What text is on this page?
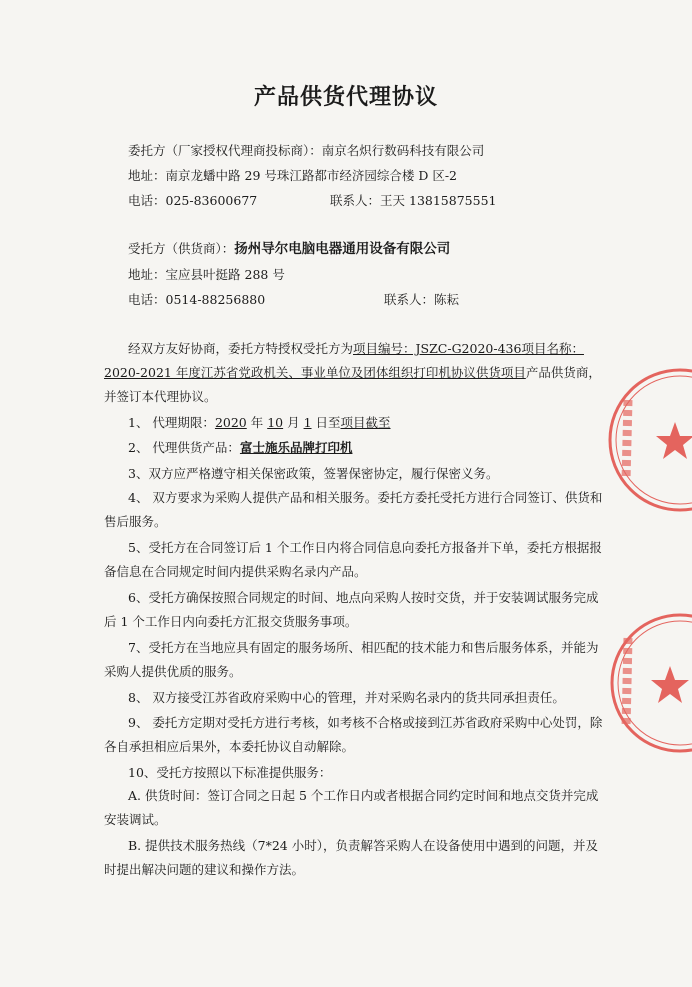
产品供货代理协议
委托方（厂家授权代理商投标商）：南京名炽行数码科技有限公司
地址：南京龙蟠中路 29 号珠江路都市经济园综合楼 D 区-2
电话：025-83600677	联系人：王天 13815875551
受托方（供货商）：扬州导尔电脑电器通用设备有限公司
地址：宝应县叶挺路 288 号
电话：0514-88256880	联系人：陈耘
经双方友好协商，委托方特授权受托方为项目编号：JSZC-G2020-436项目名称：2020-2021 年度江苏省党政机关、事业单位及团体组织打印机协议供货项目产品供货商，并签订本代理协议。
1、 代理期限：2020 年 10 月 1 日至项目截至
2、 代理供货产品：富士施乐品牌打印机
3、双方应严格遵守相关保密政策，签署保密协定，履行保密义务。
4、 双方要求为采购人提供产品和相关服务。委托方委托受托方进行合同签订、供货和售后服务。
5、受托方在合同签订后 1 个工作日内将合同信息向委托方报备并下单，委托方根据报备信息在合同规定时间内提供采购名录内产品。
6、受托方确保按照合同规定的时间、地点向采购人按时交货，并于安装调试服务完成后 1 个工作日内向委托方汇报交货服务事项。
7、受托方在当地应具有固定的服务场所、相匹配的技术能力和售后服务体系，并能为采购人提供优质的服务。
8、 双方接受江苏省政府采购中心的管理，并对采购名录内的货共同承担责任。
9、 委托方定期对受托方进行考核，如考核不合格或接到江苏省政府采购中心处罚，除各自承担相应后果外，本委托协议自动解除。
10、受托方按照以下标准提供服务：
A. 供货时间：签订合同之日起 5 个工作日内或者根据合同约定时间和地点交货并完成安装调试。
B. 提供技术服务热线（7*24 小时），负责解答采购人在设备使用中遇到的问题，并及时提出解决问题的建议和操作方法。
